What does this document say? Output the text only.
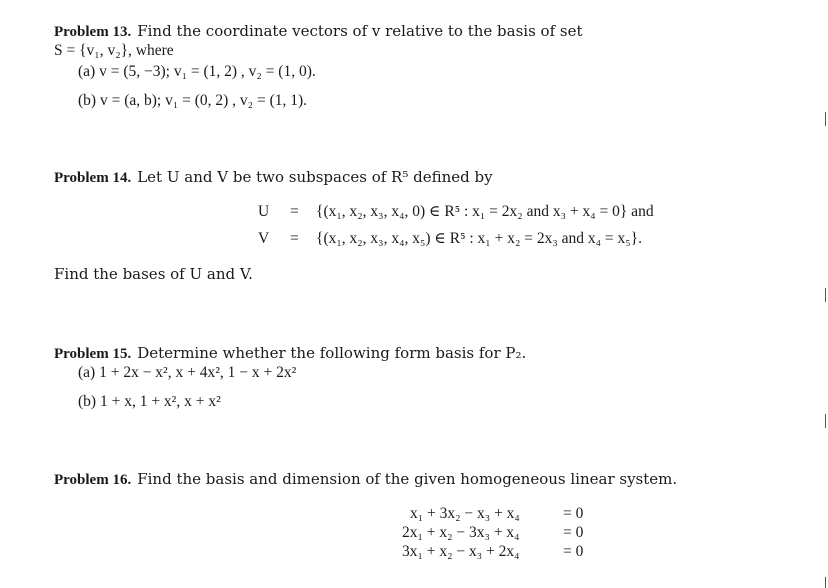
Problem 13. Find the coordinate vectors of v relative to the basis of set
S = {v₁, v₂}, where
(a) v = (5, −3); v₁ = (1, 2) , v₂ = (1, 0).
(b) v = (a, b); v₁ = (0, 2) , v₂ = (1, 1).
Problem 14. Let U and V be two subspaces of R⁵ defined by
U = {(x₁, x₂, x₃, x₄, 0) ∈ R⁵ : x₁ = 2x₂ and x₃ + x₄ = 0} and
V = {(x₁, x₂, x₃, x₄, x₅) ∈ R⁵ : x₁ + x₂ = 2x₃ and x₄ = x₅}.
Find the bases of U and V.
Problem 15. Determine whether the following form basis for P₂.
(a) 1 + 2x − x², x + 4x², 1 − x + 2x²
(b) 1 + x, 1 + x², x + x²
Problem 16. Find the basis and dimension of the given homogeneous linear system.
x₁ + 3x₂ − x₃ + x₄	= 0
2x₁ + x₂ − 3x₃ + x₄	= 0
3x₁ + x₂ − x₃ + 2x₄	= 0
